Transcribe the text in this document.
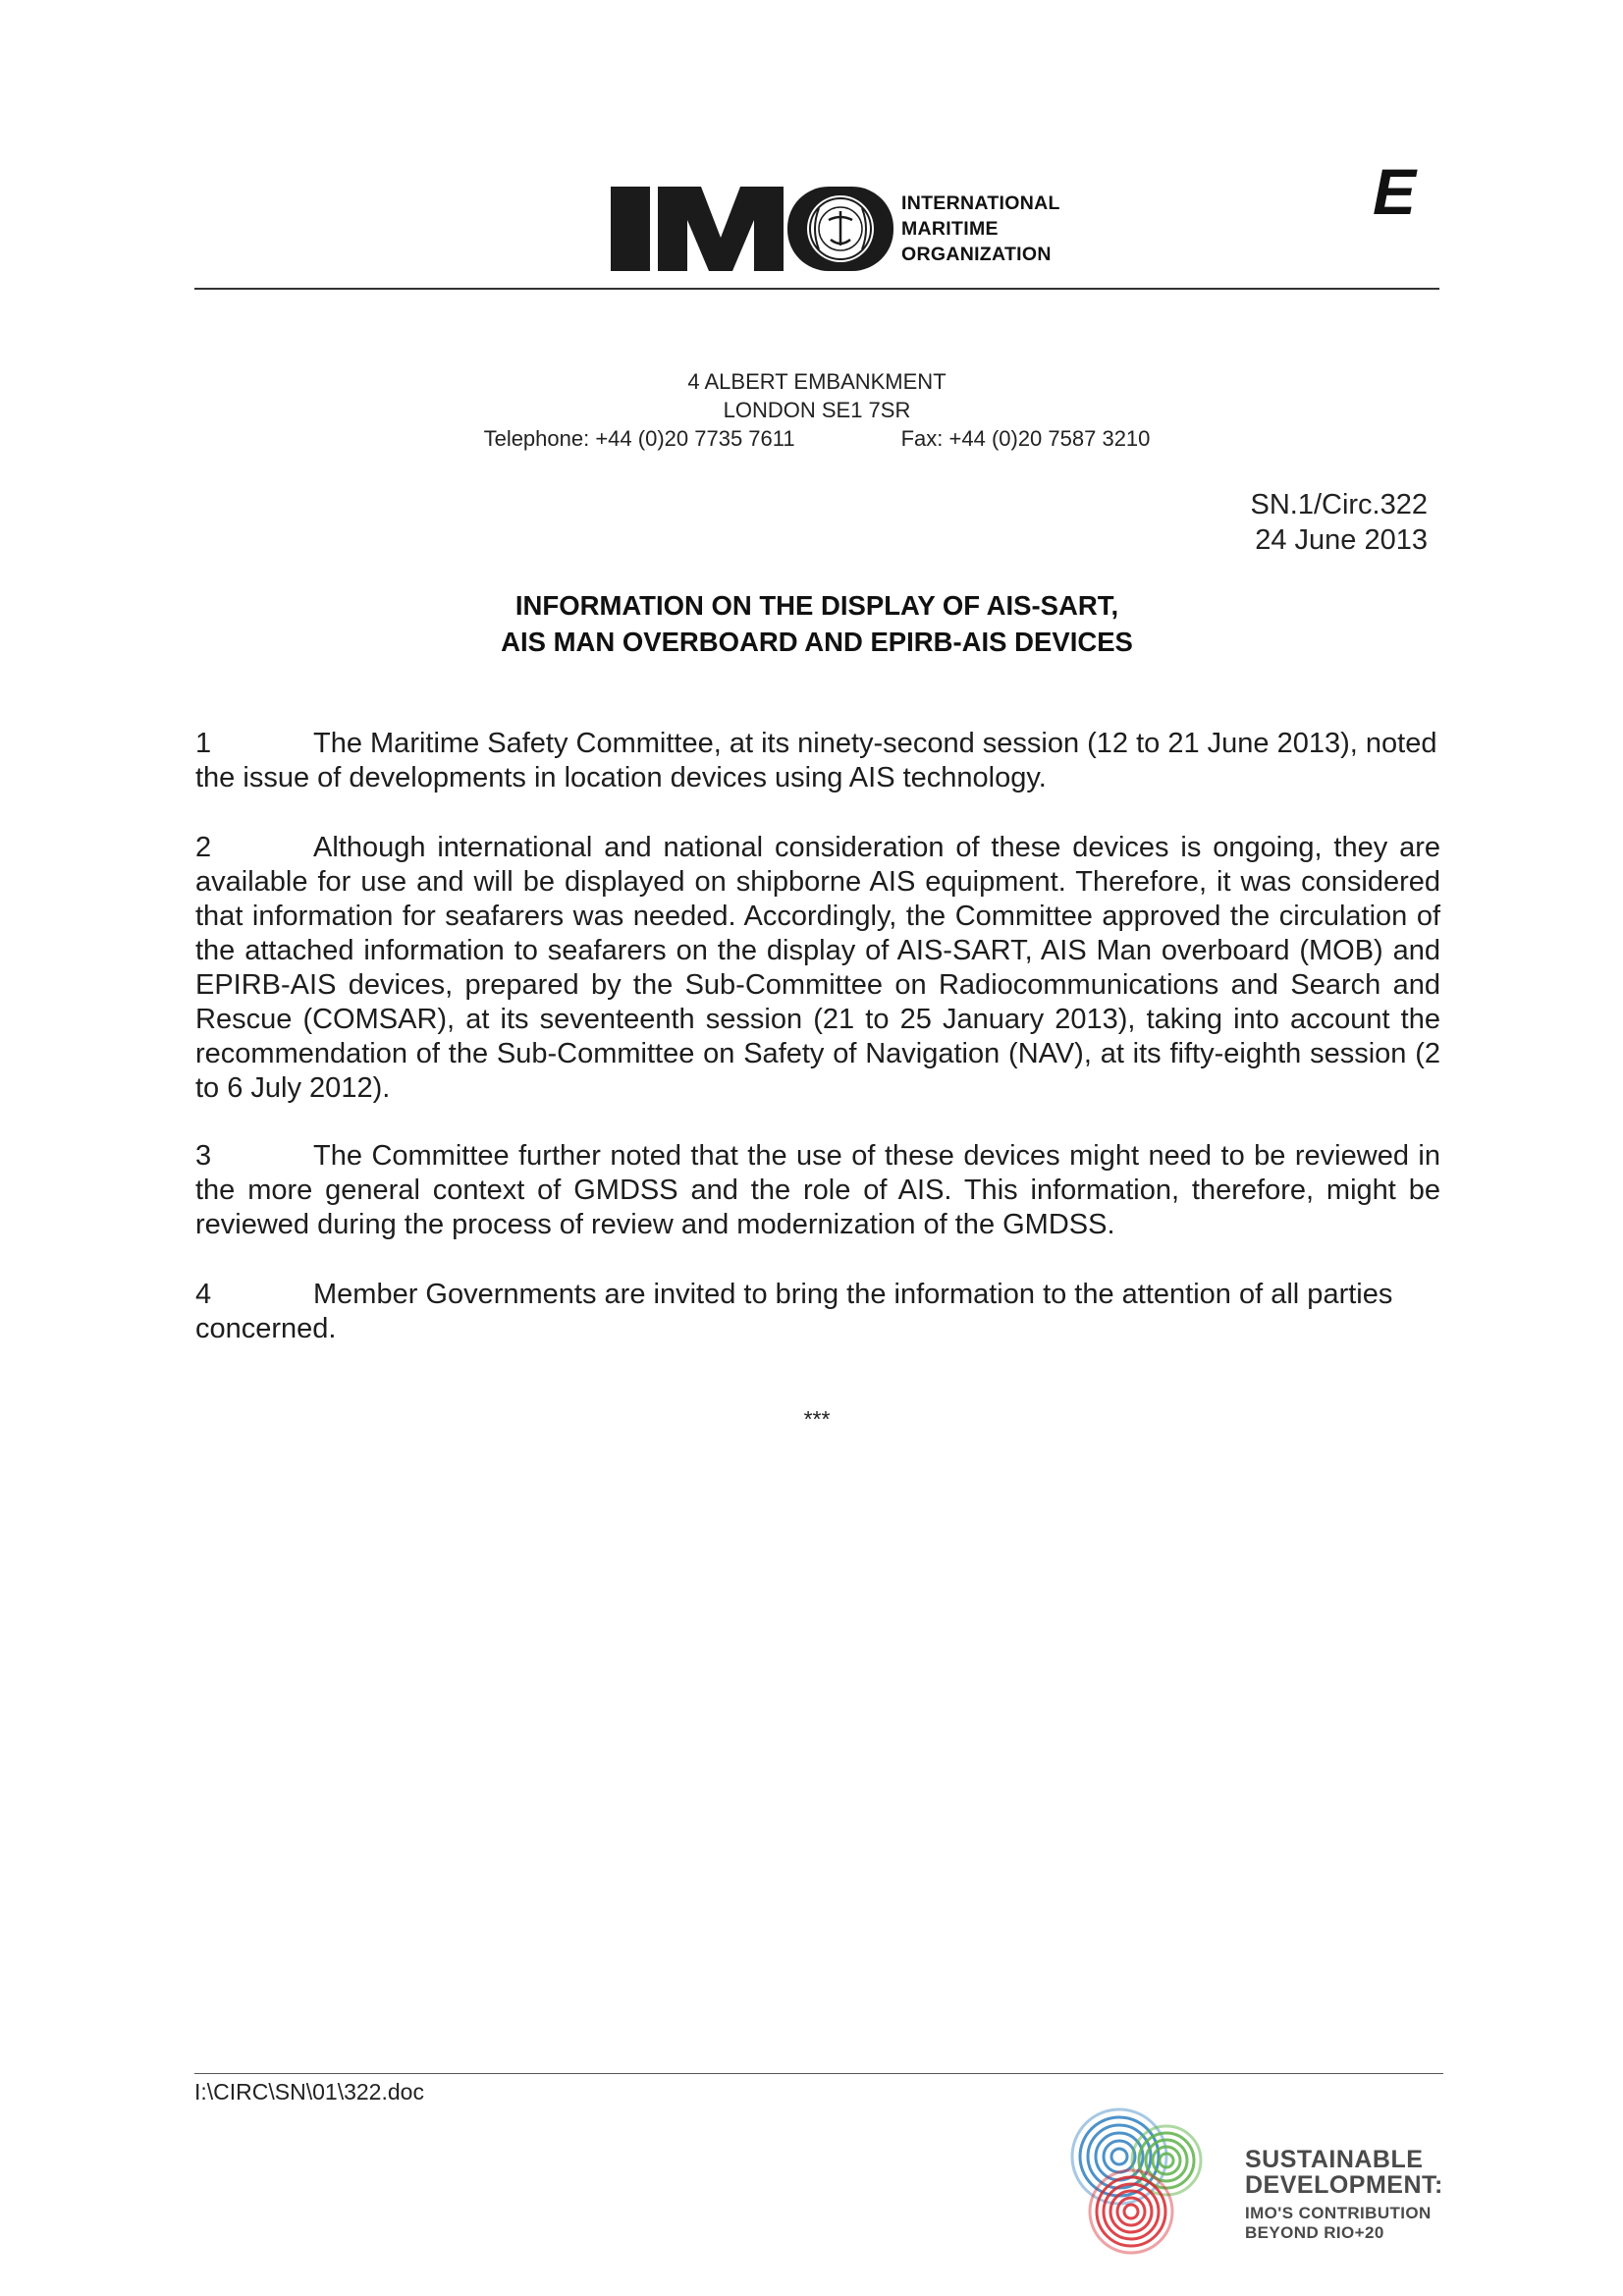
INTERNATIONAL
MARITIME
ORGANIZATION
E
4 ALBERT EMBANKMENT
LONDON SE1 7SR
Telephone: +44 (0)20 7735 7611	Fax: +44 (0)20 7587 3210
SN.1/Circ.322
24 June 2013
INFORMATION ON THE DISPLAY OF AIS-SART,
AIS MAN OVERBOARD AND EPIRB-AIS DEVICES
1	The Maritime Safety Committee, at its ninety-second session (12 to 21 June 2013), noted the issue of developments in location devices using AIS technology.
2	Although international and national consideration of these devices is ongoing, they are available for use and will be displayed on shipborne AIS equipment. Therefore, it was considered that information for seafarers was needed. Accordingly, the Committee approved the circulation of the attached information to seafarers on the display of AIS-SART, AIS Man overboard (MOB) and EPIRB-AIS devices, prepared by the Sub-Committee on Radiocommunications and Search and Rescue (COMSAR), at its seventeenth session (21 to 25 January 2013), taking into account the recommendation of the Sub-Committee on Safety of Navigation (NAV), at its fifty-eighth session (2 to 6 July 2012).
3	The Committee further noted that the use of these devices might need to be reviewed in the more general context of GMDSS and the role of AIS. This information, therefore, might be reviewed during the process of review and modernization of the GMDSS.
4	Member Governments are invited to bring the information to the attention of all parties concerned.
***
I:\CIRC\SN\01\322.doc
SUSTAINABLE
DEVELOPMENT:
IMO'S CONTRIBUTION
BEYOND RIO+20
